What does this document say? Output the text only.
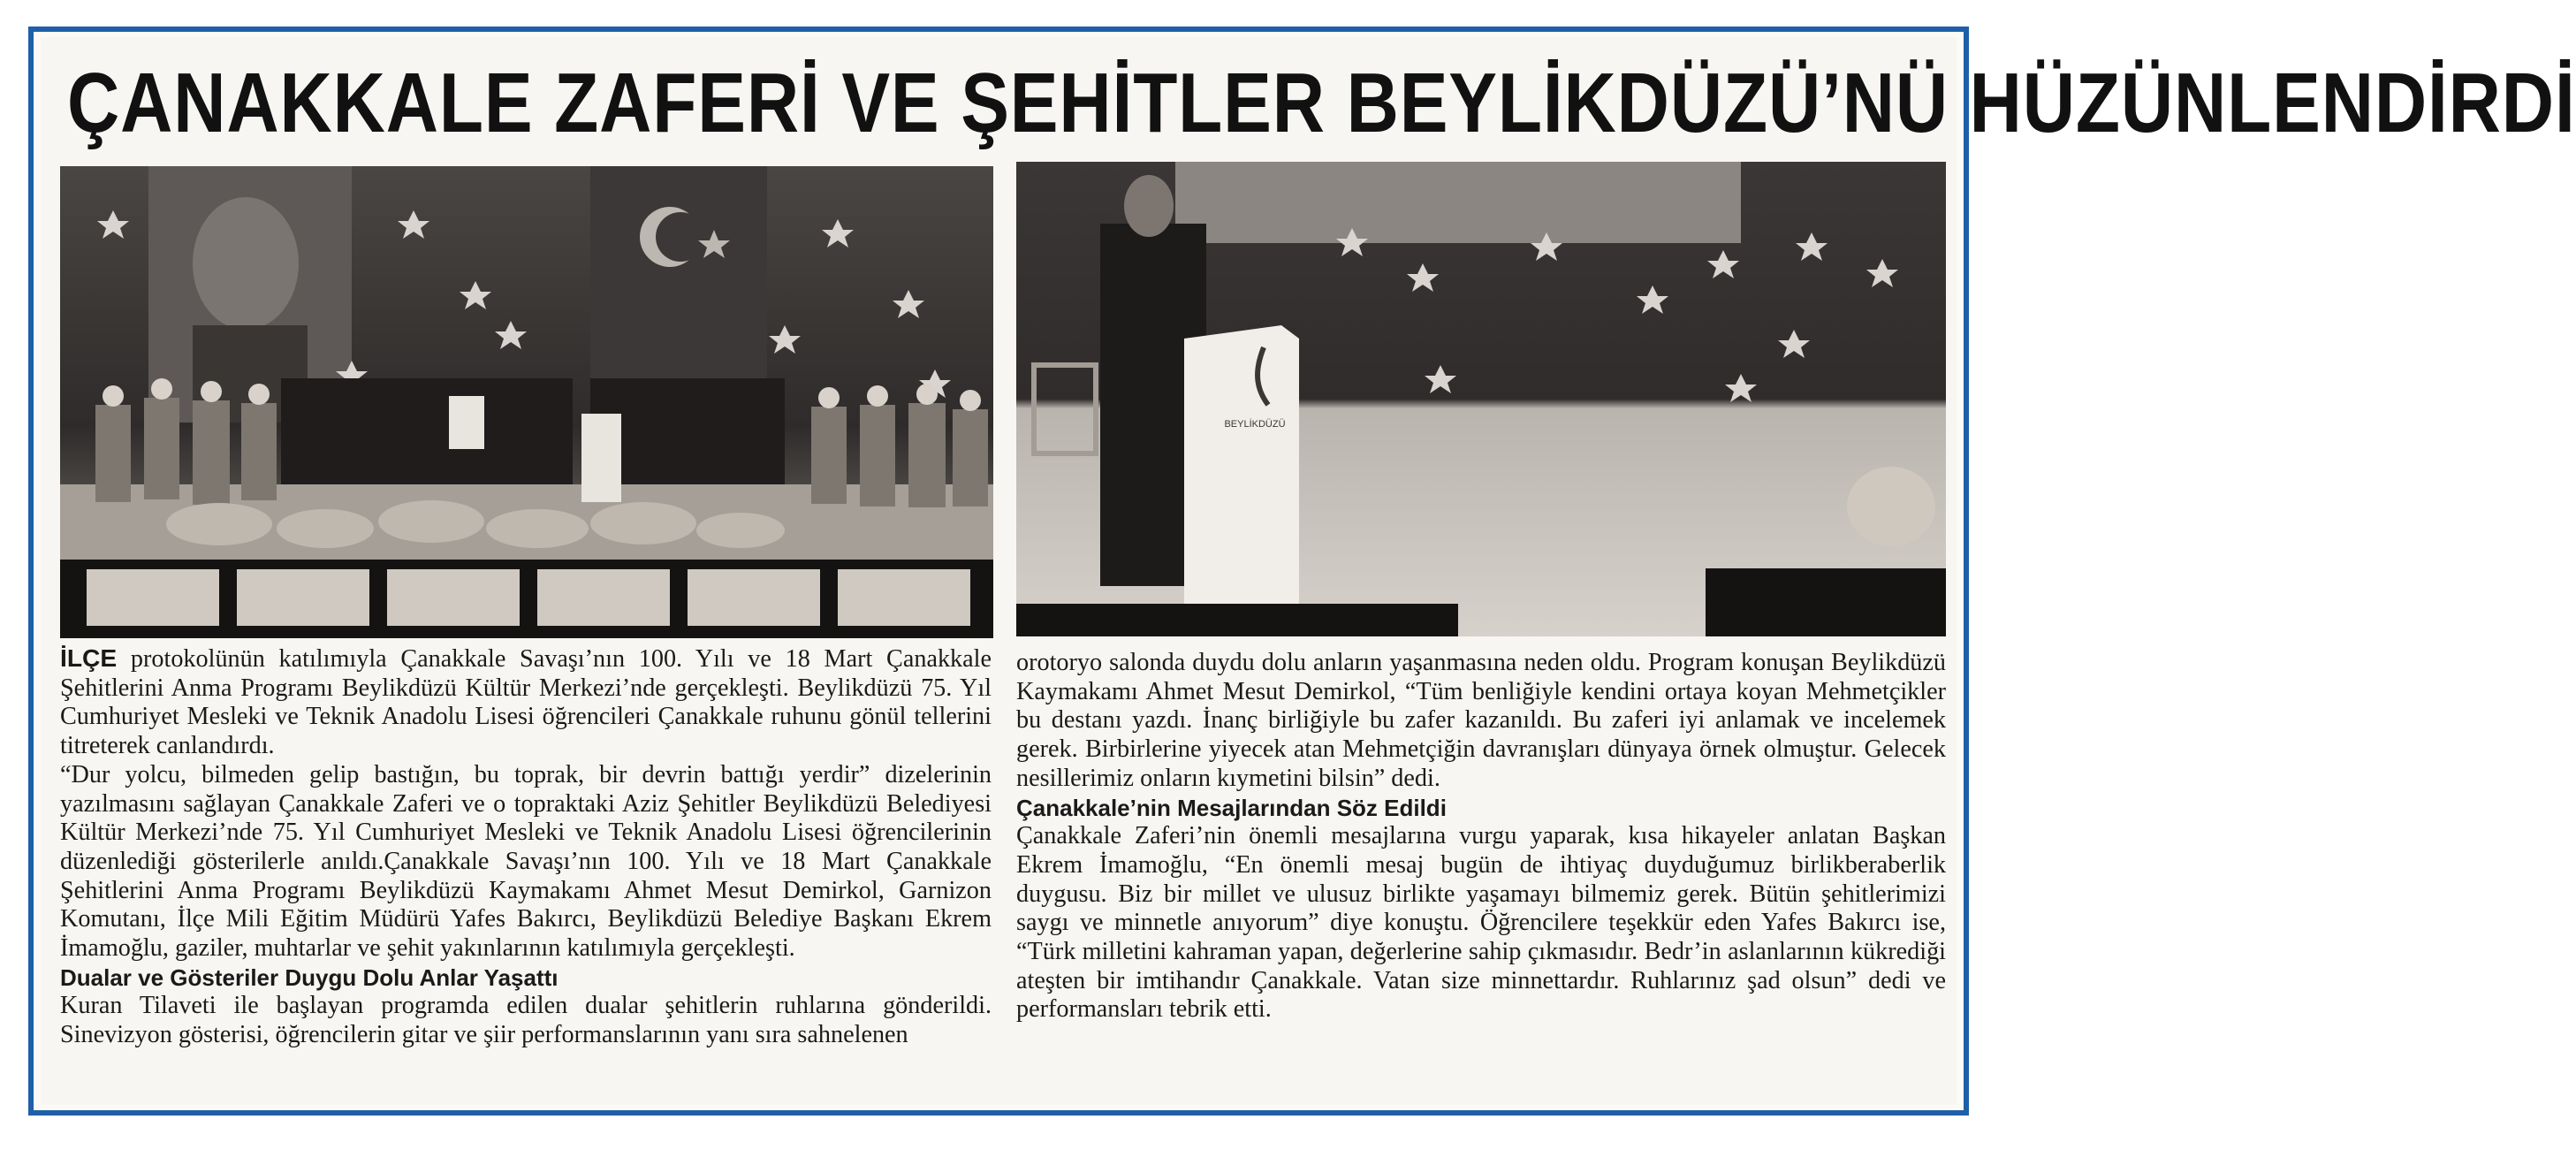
ÇANAKKALE ZAFERİ VE ŞEHİTLER BEYLİKDÜZÜ’NÜ HÜZÜNLENDİRDİ
BEYLİKDÜZÜ

İLÇE protokolünün katılımıyla Çanakkale Savaşı’nın 100. Yılı ve 18 Mart Çanakkale Şehitlerini Anma Programı Beylikdüzü Kültür Merkezi’nde gerçekleşti. Beylikdüzü 75. Yıl Cumhuriyet Mesleki ve Teknik Anadolu Lisesi öğrencileri Çanakkale ruhunu gönül tellerini titreterek canlandırdı.

“Dur yolcu, bilmeden gelip bastığın, bu toprak, bir devrin battığı yerdir” dizelerinin yazılmasını sağlayan Çanakkale Zaferi ve o topraktaki Aziz Şehitler Beylikdüzü Belediyesi Kültür Merkezi’nde 75. Yıl Cumhuriyet Mesleki ve Teknik Anadolu Lisesi öğrencilerinin düzenlediği gösterilerle anıldı.Çanakkale Savaşı’nın 100. Yılı ve 18 Mart Çanakkale Şehitlerini Anma Programı Beylikdüzü Kaymakamı Ahmet Mesut Demirkol, Garnizon Komutanı, İlçe Mili Eğitim Müdürü Yafes Bakırcı, Beylikdüzü Belediye Başkanı Ekrem İmamoğlu, gaziler, muhtarlar ve şehit yakınlarının katılımıyla gerçekleşti.

Dualar ve Gösteriler Duygu Dolu Anlar Yaşattı

Kuran Tilaveti ile başlayan programda edilen dualar şehitlerin ruhlarına gönderildi. Sinevizyon gösterisi, öğrencilerin gitar ve şiir performanslarının yanı sıra sahnelenen

orotoryo salonda duydu dolu anların yaşanmasına neden oldu. Program konuşan Beylikdüzü Kaymakamı Ahmet Mesut Demirkol, “Tüm benliğiyle kendini ortaya koyan Mehmetçikler bu destanı yazdı. İnanç birliğiyle bu zafer kazanıldı. Bu zaferi iyi anlamak ve incelemek gerek. Birbirlerine yiyecek atan Mehmetçiğin davranışları dünyaya örnek olmuştur. Gelecek nesillerimiz onların kıymetini bilsin” dedi.

Çanakkale’nin Mesajlarından Söz Edildi

Çanakkale Zaferi’nin önemli mesajlarına vurgu yaparak, kısa hikayeler anlatan Başkan Ekrem İmamoğlu, “En önemli mesaj bugün de ihtiyaç duyduğumuz birlikberaberlik duygusu. Biz bir millet ve ulusuz birlikte yaşamayı bilmemiz gerek. Bütün şehitlerimizi saygı ve minnetle anıyorum” diye konuştu. Öğrencilere teşekkür eden Yafes Bakırcı ise, “Türk milletini kahraman yapan, değerlerine sahip çıkmasıdır. Bedr’in aslanlarının kükrediği ateşten bir imtihandır Çanakkale. Vatan size minnettardır. Ruhlarınız şad olsun” dedi ve performansları tebrik etti.
